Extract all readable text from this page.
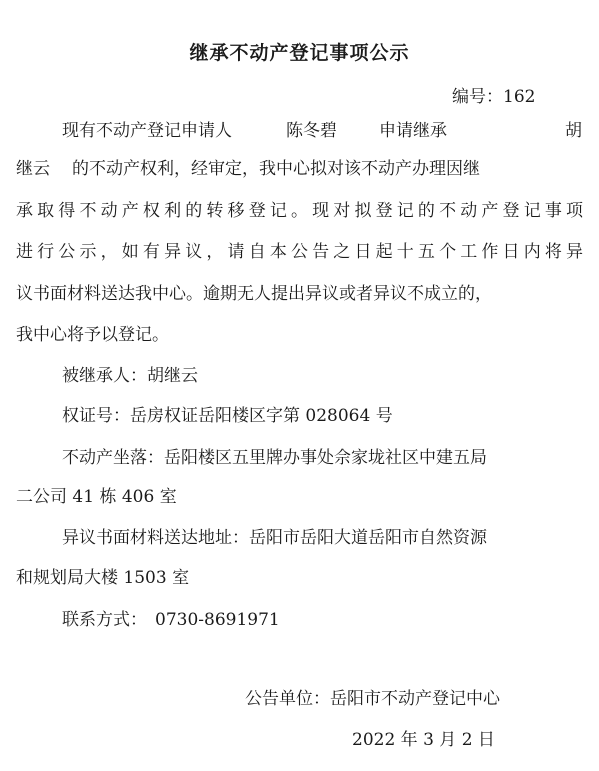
继承不动产登记事项公示
编号：162
现有不动产登记申请人	陈冬碧 申请继承	胡
继云 的不动产权利，经审定，我中心拟对该不动产办理因继
承取得不动产权利的转移登记。现对拟登记的不动产登记事项
进行公示，如有异议，请自本公告之日起十五个工作日内将异
议书面材料送达我中心。逾期无人提出异议或者异议不成立的，
我中心将予以登记。
被继承人：胡继云
权证号：岳房权证岳阳楼区字第 028064 号
不动产坐落：岳阳楼区五里牌办事处佘家垅社区中建五局
二公司 41 栋 406 室
异议书面材料送达地址：岳阳市岳阳大道岳阳市自然资源
和规划局大楼 1503 室
联系方式： 0730-8691971
公告单位：岳阳市不动产登记中心
2022 年 3 月 2 日
